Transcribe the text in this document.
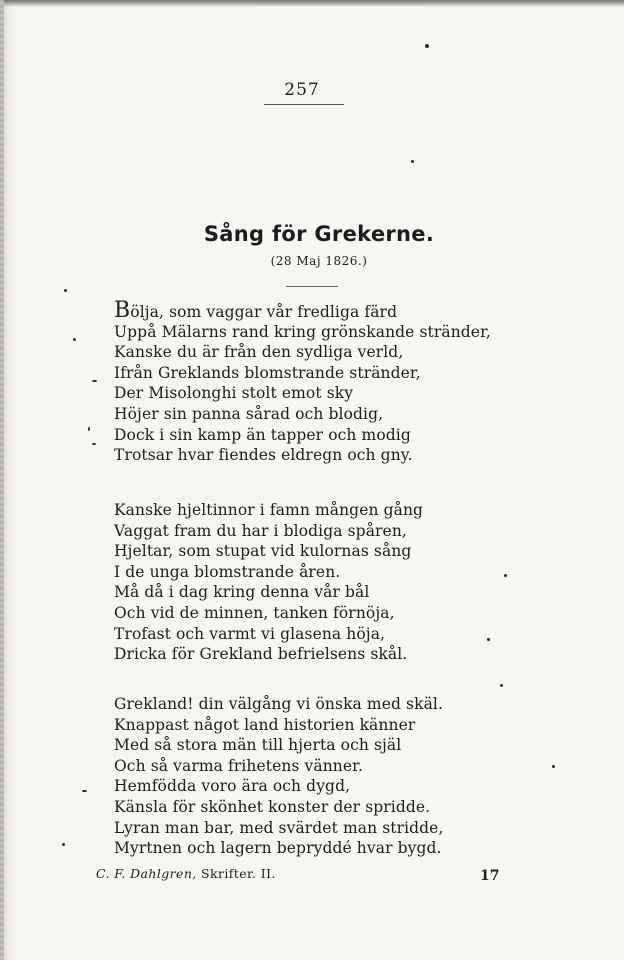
257
Sång för Grekerne.
(28 Maj 1826.)
Bölja, som vaggar vår fredliga färd
Uppå Mälarns rand kring grönskande stränder,
Kanske du är från den sydliga verld,
Ifrån Greklands blomstrande stränder,
Der Misolonghi stolt emot sky
Höjer sin panna sårad och blodig,
Dock i sin kamp än tapper och modig
Trotsar hvar fiendes eldregn och gny.
Kanske hjeltinnor i famn mången gång
Vaggat fram du har i blodiga spåren,
Hjeltar, som stupat vid kulornas sång
I de unga blomstrande åren.
Må då i dag kring denna vår bål
Och vid de minnen, tanken förnöja,
Trofast och varmt vi glasena höja,
Dricka för Grekland befrielsens skål.
Grekland! din välgång vi önska med skäl.
Knappast något land historien känner
Med så stora män till hjerta och själ
Och så varma frihetens vänner.
Hemfödda voro ära och dygd,
Känsla för skönhet konster der spridde.
Lyran man bar, med svärdet man stridde,
Myrtnen och lagern bepryddé hvar bygd.
C. F. Dahlgren, Skrifter. II.	17
